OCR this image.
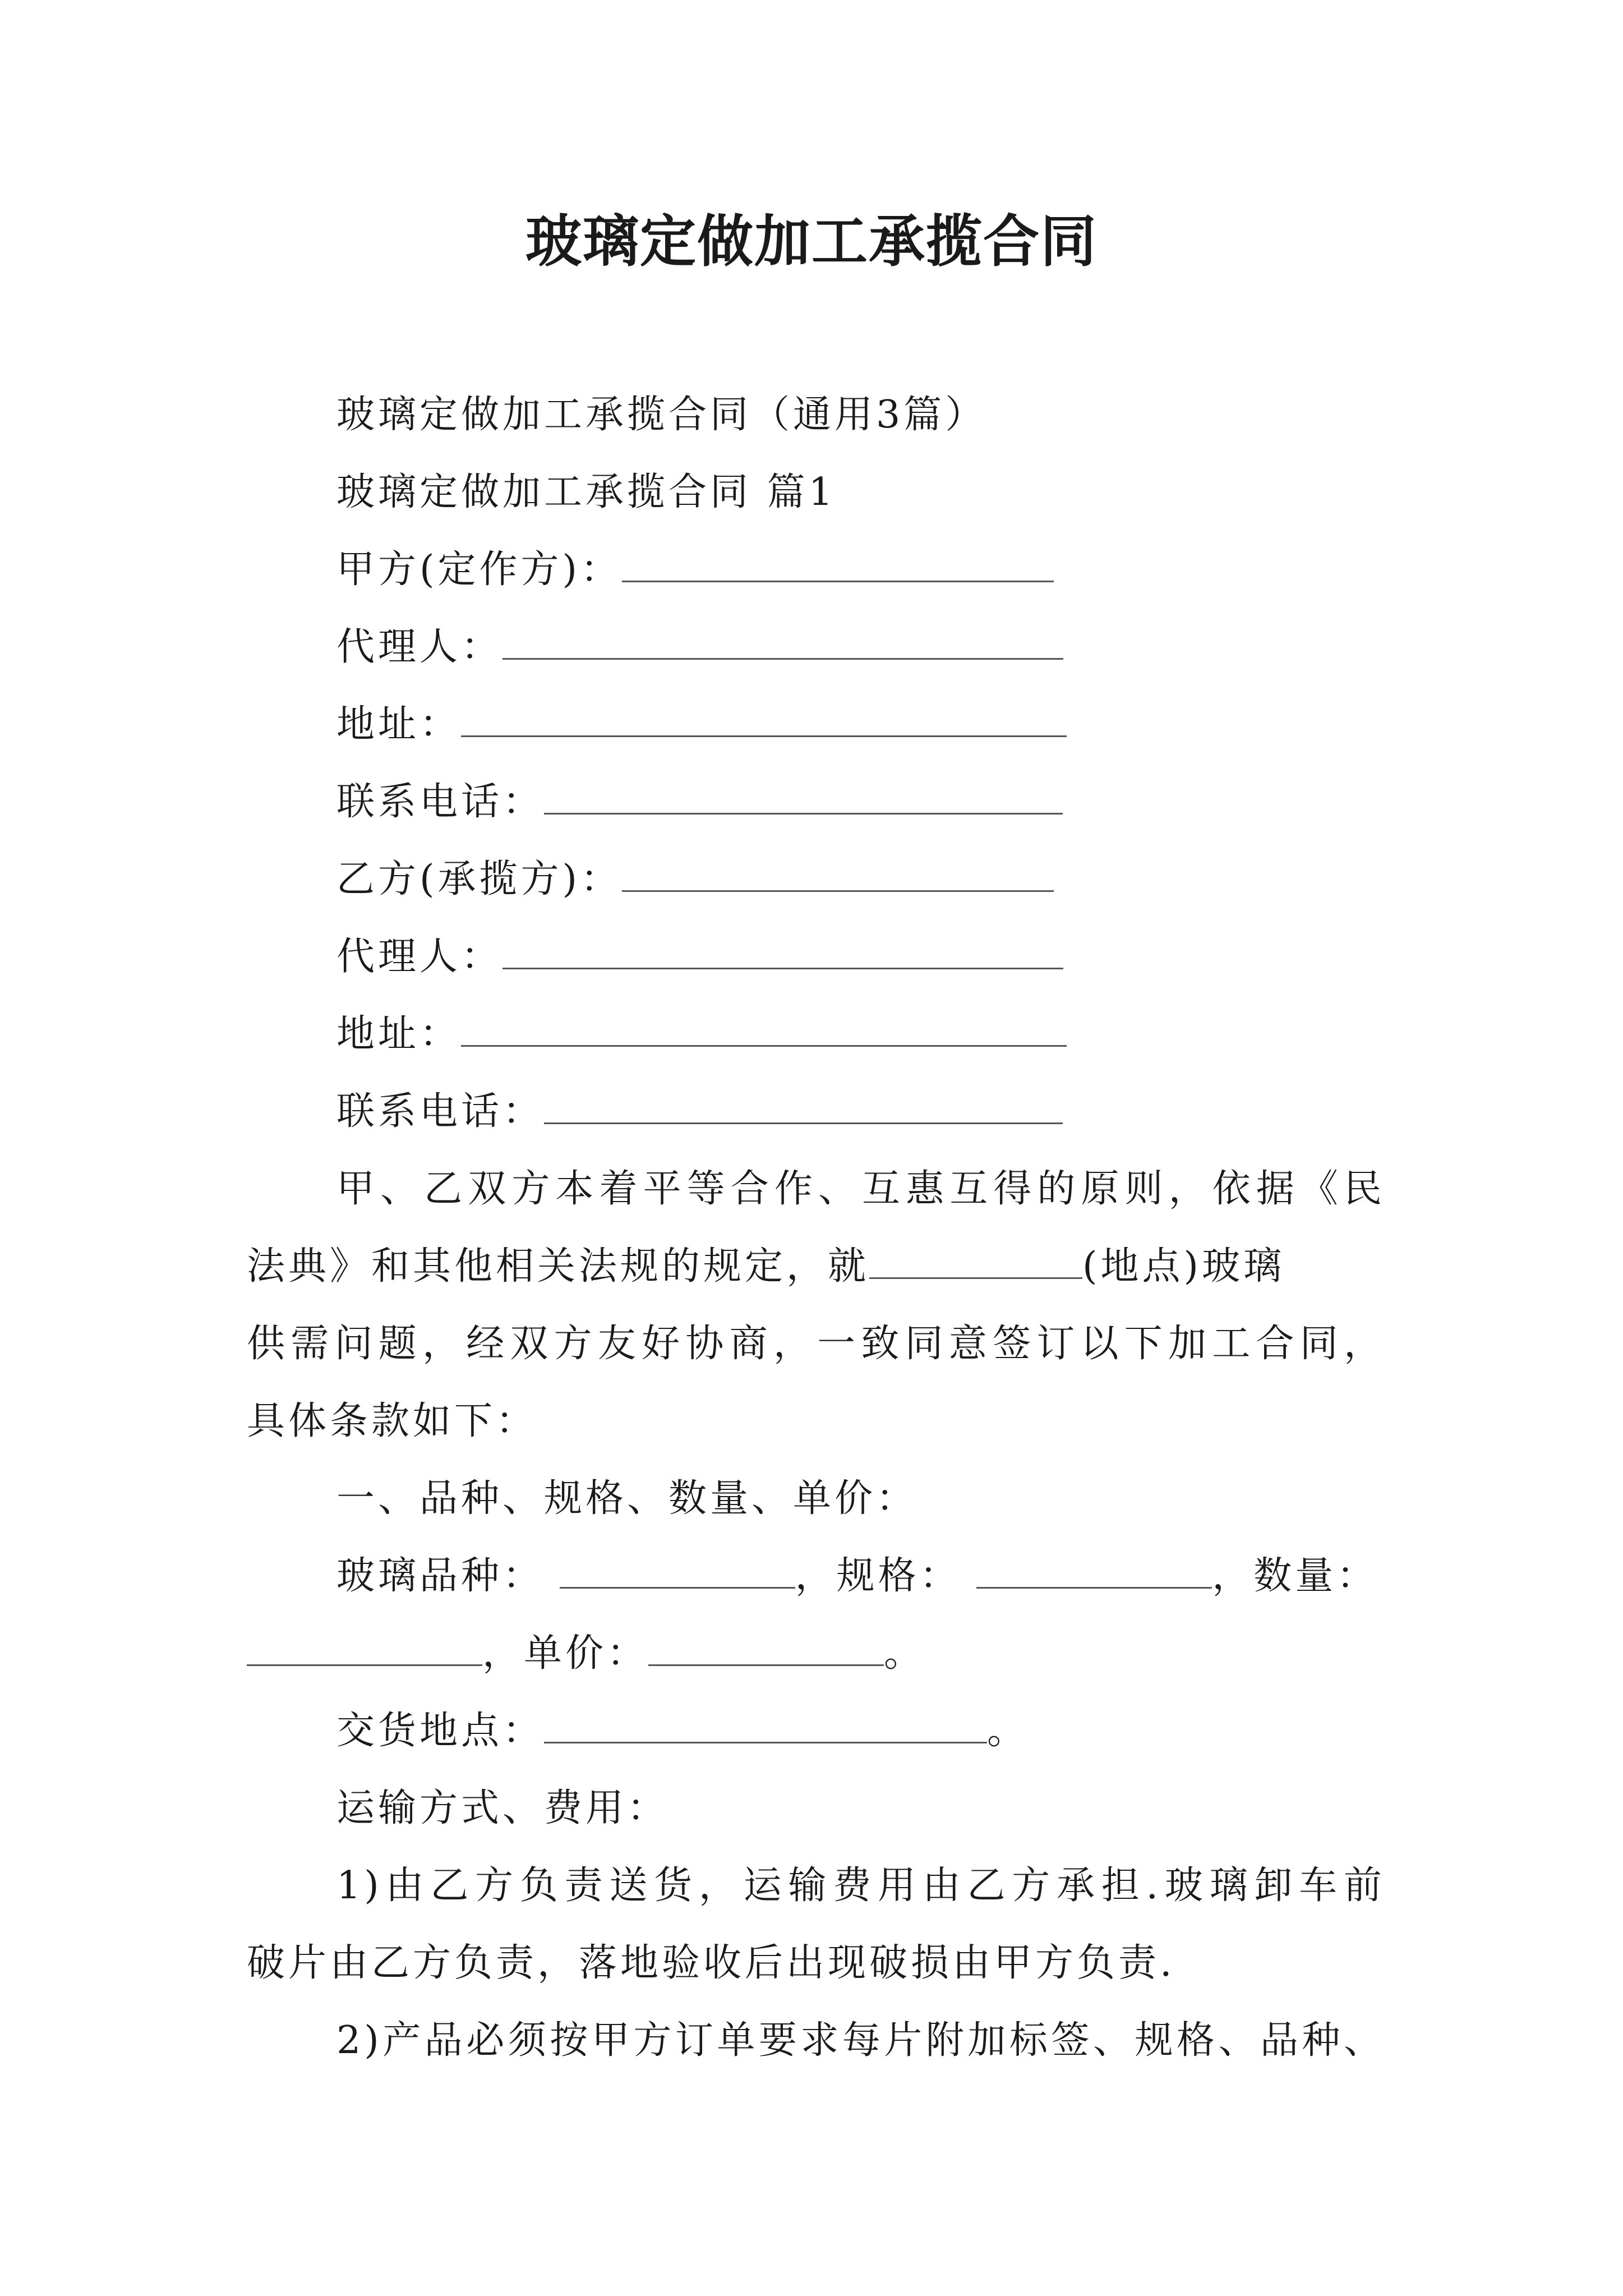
玻璃定做加工承揽合同
玻璃定做加工承揽合同（通用3篇）
玻璃定做加工承揽合同 篇1
甲方(定作方)：
代理人：
地址：
联系电话：
乙方(承揽方)：
代理人：
地址：
联系电话：
甲、乙双方本着平等合作、互惠互得的原则，依据《民
法典》和其他相关法规的规定，就	(地点)玻璃
供需问题，经双方友好协商，一致同意签订以下加工合同，
具体条款如下：
一、品种、规格、数量、单价：
玻璃品种：	，规格：	，数量：
，单价：	。
交货地点：	。
运输方式、费用：
1)由乙方负责送货，运输费用由乙方承担.玻璃卸车前
破片由乙方负责，落地验收后出现破损由甲方负责.
2)产品必须按甲方订单要求每片附加标签、规格、品种、
